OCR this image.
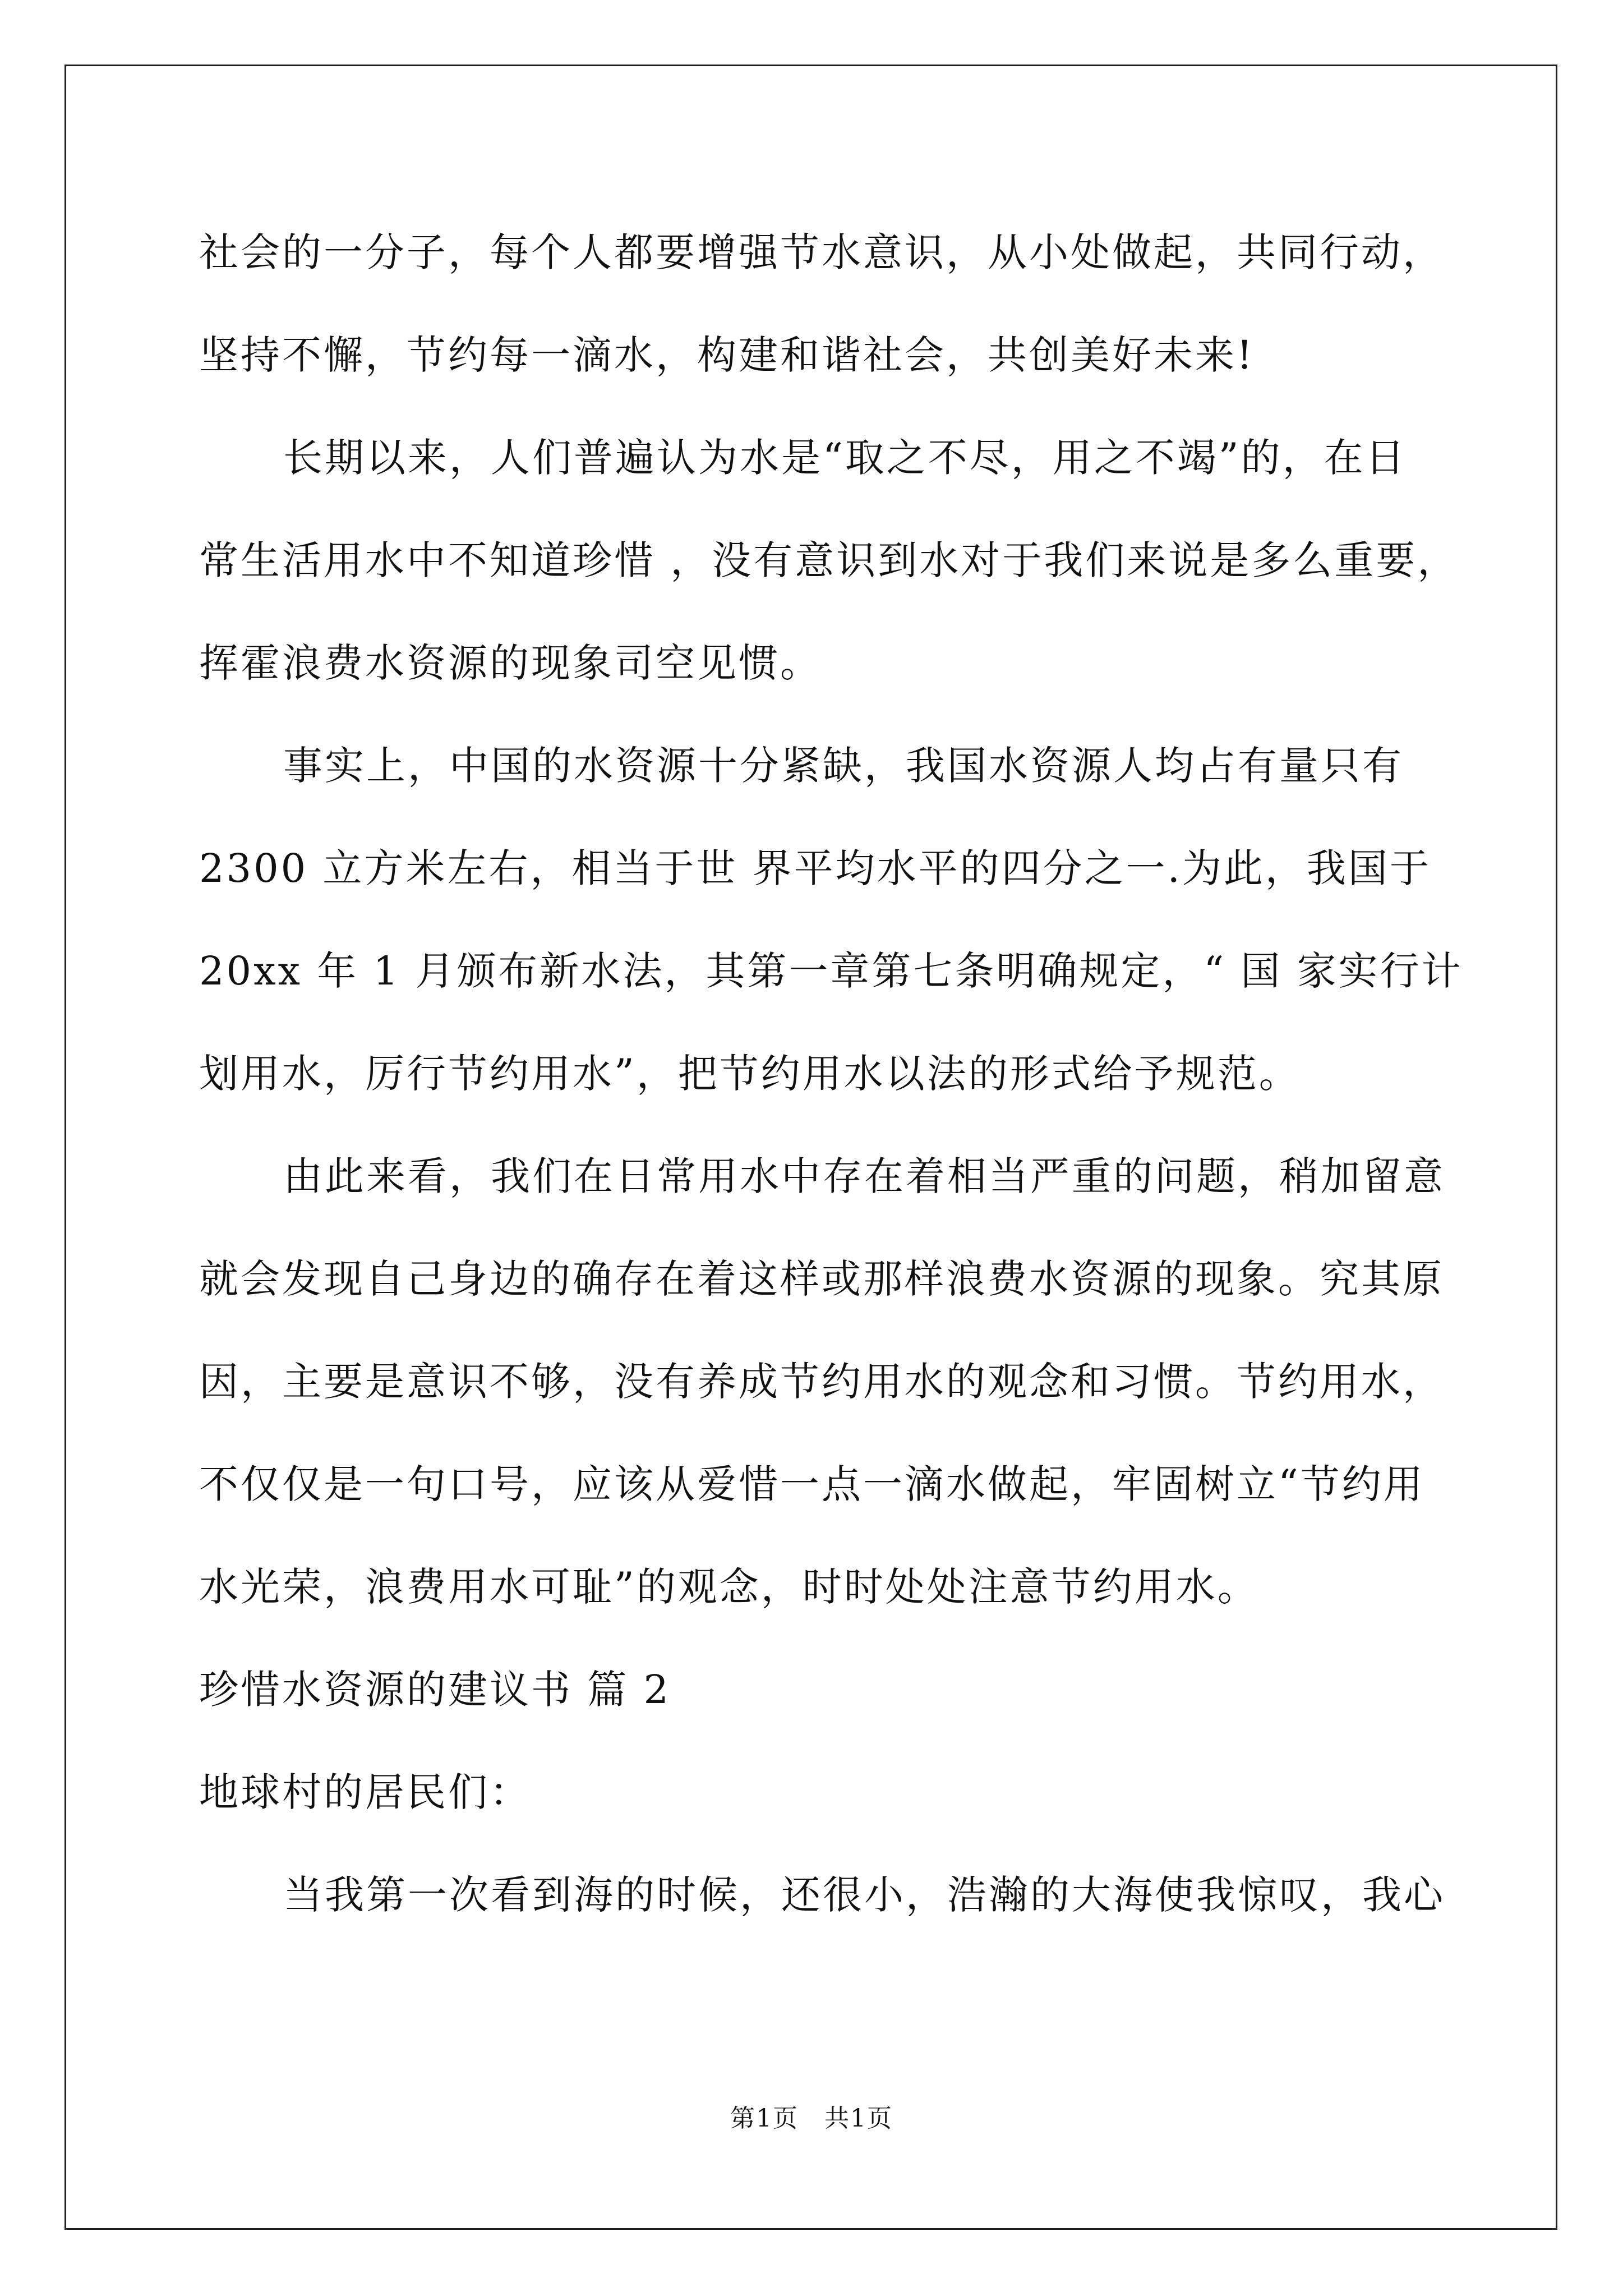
社会的一分子，每个人都要增强节水意识，从小处做起，共同行动，
坚持不懈，节约每一滴水，构建和谐社会，共创美好未来!
长期以来，人们普遍认为水是“取之不尽，用之不竭”的，在日
常生活用水中不知道珍惜 ，没有意识到水对于我们来说是多么重要，
挥霍浪费水资源的现象司空见惯。
事实上，中国的水资源十分紧缺，我国水资源人均占有量只有
2300 立方米左右，相当于世 界平均水平的四分之一.为此，我国于
20xx 年 1 月颁布新水法，其第一章第七条明确规定，“ 国 家实行计
划用水，厉行节约用水”，把节约用水以法的形式给予规范。
由此来看，我们在日常用水中存在着相当严重的问题，稍加留意
就会发现自己身边的确存在着这样或那样浪费水资源的现象。究其原
因，主要是意识不够，没有养成节约用水的观念和习惯。节约用水，
不仅仅是一句口号，应该从爱惜一点一滴水做起，牢固树立“节约用
水光荣，浪费用水可耻”的观念，时时处处注意节约用水。
珍惜水资源的建议书 篇 2
地球村的居民们：
当我第一次看到海的时候，还很小，浩瀚的大海使我惊叹，我心
第1页　共1页
